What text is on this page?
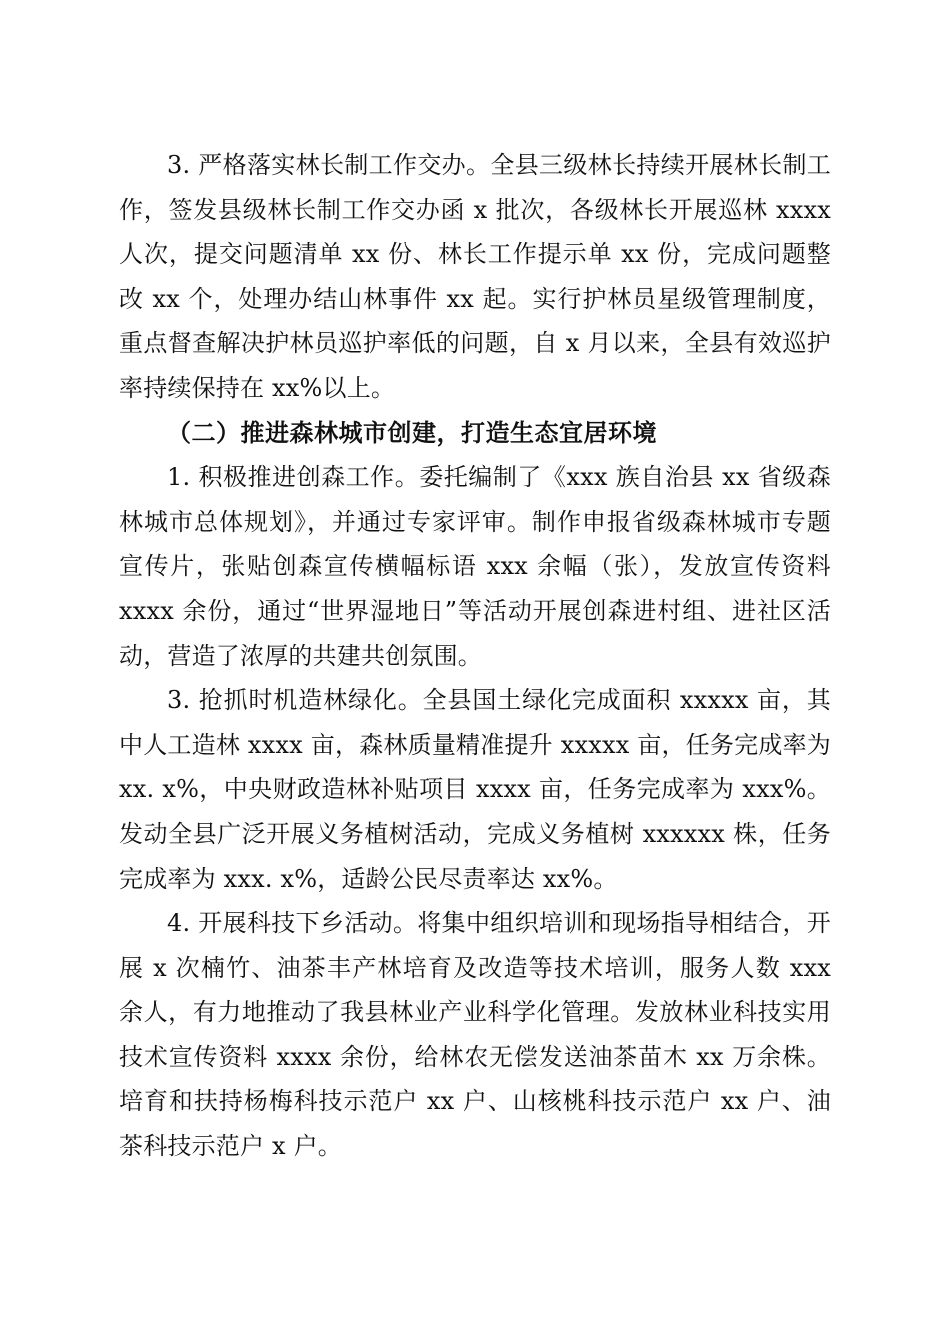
3. 严格落实林长制工作交办。全县三级林长持续开展林长制工作，签发县级林长制工作交办函 x 批次，各级林长开展巡林 xxxx 人次，提交问题清单 xx 份、林长工作提示单 xx 份，完成问题整改 xx 个，处理办结山林事件 xx 起。实行护林员星级管理制度，重点督查解决护林员巡护率低的问题，自 x 月以来，全县有效巡护率持续保持在 xx%以上。

（二）推进森林城市创建，打造生态宜居环境

1. 积极推进创森工作。委托编制了《xxx 族自治县 xx 省级森林城市总体规划》，并通过专家评审。制作申报省级森林城市专题宣传片，张贴创森宣传横幅标语 xxx 余幅（张），发放宣传资料 xxxx 余份，通过“世界湿地日”等活动开展创森进村组、进社区活动，营造了浓厚的共建共创氛围。

3. 抢抓时机造林绿化。全县国土绿化完成面积 xxxxx 亩，其中人工造林 xxxx 亩，森林质量精准提升 xxxxx 亩，任务完成率为 xx. x%，中央财政造林补贴项目 xxxx 亩，任务完成率为 xxx%。发动全县广泛开展义务植树活动，完成义务植树 xxxxxx 株，任务完成率为 xxx. x%，适龄公民尽责率达 xx%。

4. 开展科技下乡活动。将集中组织培训和现场指导相结合，开展 x 次楠竹、油茶丰产林培育及改造等技术培训，服务人数 xxx 余人，有力地推动了我县林业产业科学化管理。发放林业科技实用技术宣传资料 xxxx 余份，给林农无偿发送油茶苗木 xx 万余株。培育和扶持杨梅科技示范户 xx 户、山核桃科技示范户 xx 户、油茶科技示范户 x 户。
